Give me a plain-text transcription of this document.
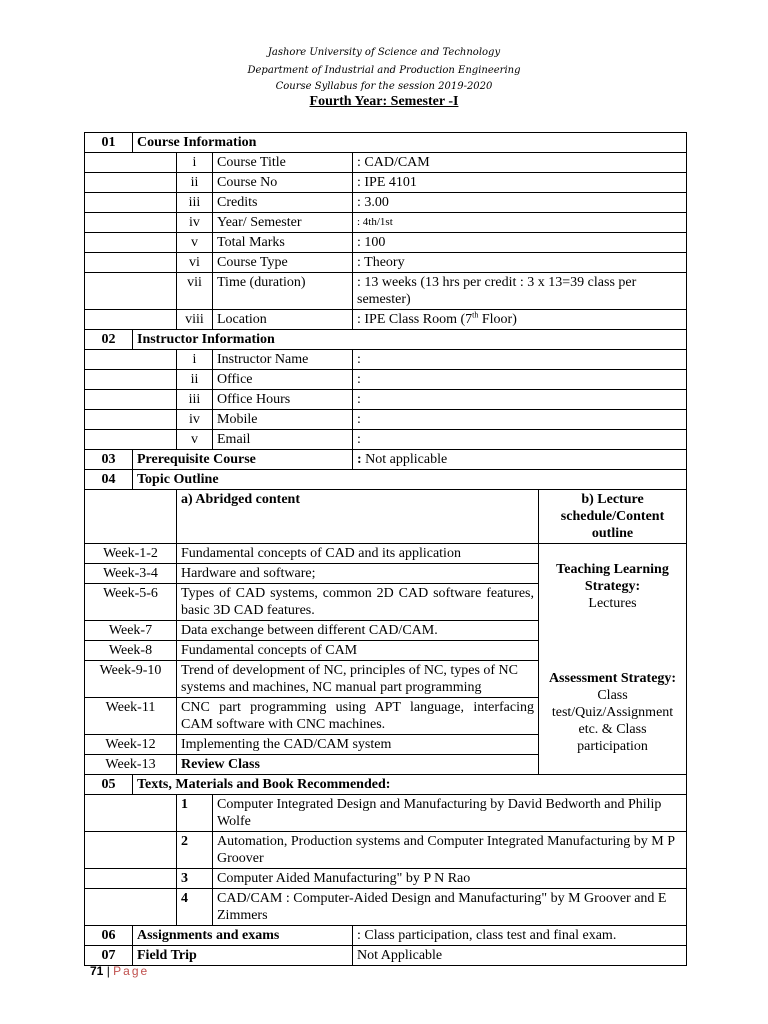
Jashore University of Science and Technology
Department of Industrial and Production Engineering
Course Syllabus for the session 2019-2020
Fourth Year: Semester -I
01	Course Information				
		i	Course Title	: CAD/CAM	
		ii	Course No	: IPE 4101	
		iii	Credits	: 3.00	
		iv	Year/ Semester	: 4th/1st	
		v	Total Marks	: 100	
		vi	Course Type	: Theory	
		vii	Time (duration)	: 13 weeks (13 hrs per credit : 3 x 13=39 class per semester)	
		viii	Location	: IPE Class Room (7th Floor)	
02	Instructor Information				
		i	Instructor Name	:	
		ii	Office	:	
		iii	Office Hours	:	
		iv	Mobile	:	
		v	Email	:	
03	Prerequisite Course			: Not applicable	
04	Topic Outline				
		a) Abridged content			b) Lecture schedule/Content outline
Week-1-2		Fundamental concepts of CAD and its application			Teaching Learning Strategy:
Lectures
Assessment Strategy:
Class test/Quiz/Assignment etc. & Class participation

Week-3-4		Hardware and software;			
Week-5-6		Types of CAD systems, common 2D CAD software features, basic 3D CAD features.			
Week-7		Data exchange between different CAD/CAM.			
Week-8		Fundamental concepts of CAM			
Week-9-10		Trend of development of NC, principles of NC, types of NC systems and machines, NC manual part programming			
Week-11		CNC part programming using APT language, interfacing CAM software with CNC machines.			
Week-12		Implementing the CAD/CAM system			
Week-13		Review Class			
05	Texts, Materials and Book Recommended:				
		1	Computer Integrated Design and Manufacturing by David Bedworth and Philip Wolfe		
		2	Automation, Production systems and Computer Integrated Manufacturing by M P Groover		
		3	Computer Aided Manufacturing" by P N Rao		
		4	CAD/CAM : Computer-Aided Design and Manufacturing" by M Groover and E Zimmers		
06	Assignments and exams			: Class participation, class test and final exam.	
07	Field Trip			Not Applicable	
71 | Page
